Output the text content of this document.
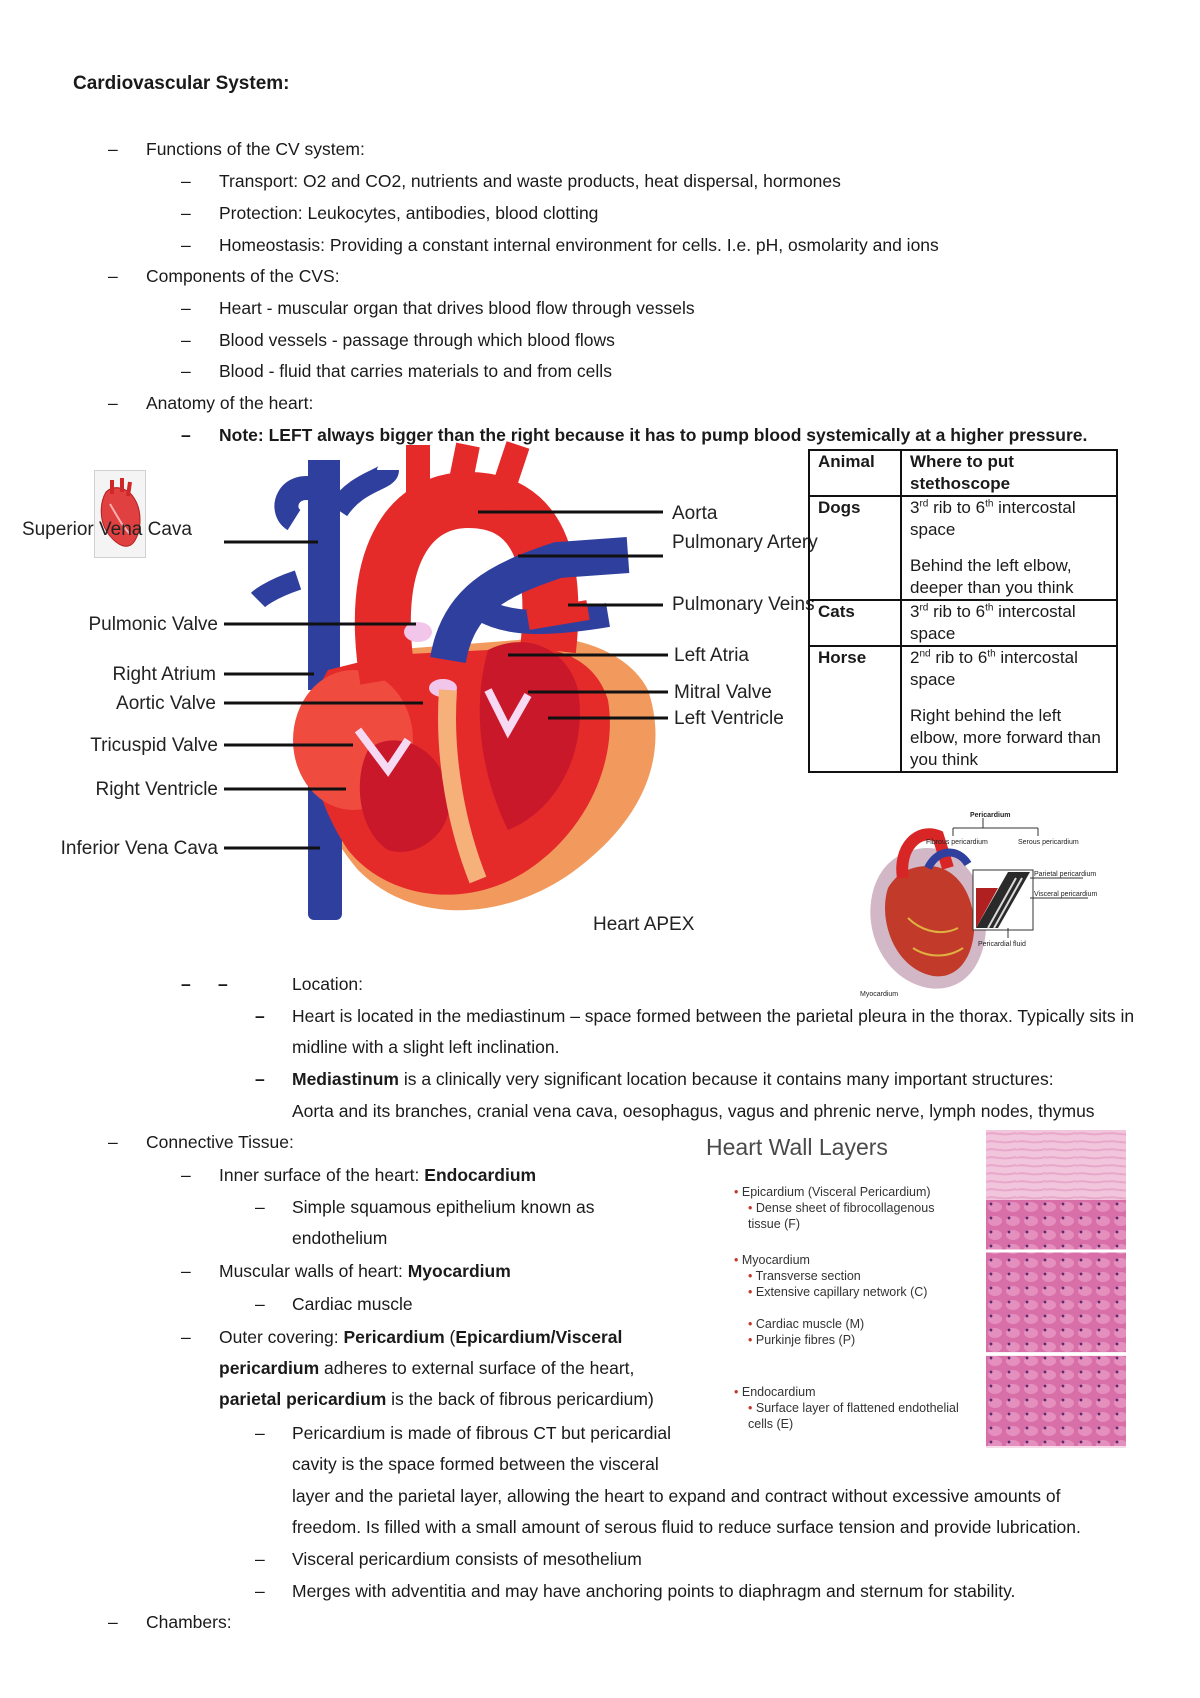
Cardiovascular System:
– Functions of the CV system:
– Transport: O2 and CO2, nutrients and waste products, heat dispersal, hormones
– Protection: Leukocytes, antibodies, blood clotting
– Homeostasis: Providing a constant internal environment for cells. I.e. pH, osmolarity and ions
– Components of the CVS:
– Heart - muscular organ that drives blood flow through vessels
– Blood vessels - passage through which blood flows
– Blood - fluid that carries materials to and from cells
– Anatomy of the heart:
– Note: LEFT always bigger than the right because it has to pump blood systemically at a higher pressure.
Superior Vena Cava
Pulmonic Valve
Right Atrium
Aortic Valve
Tricuspid Valve
Right Ventricle
Inferior Vena Cava
Aorta
Pulmonary Artery
Pulmonary Veins
Left Atria
Mitral Valve
Left Ventricle
Heart APEX
Animal	Where to put stethoscope
Dogs	3rd rib to 6th intercostal space
Behind the left elbow, deeper than you think

Cats	3rd rib to 6th intercostal space
Horse	2nd rib to 6th intercostal space
Right behind the left elbow, more forward than you think
Pericardium
Fibrous pericardium	Serous pericardium
Parietal pericardium
Visceral pericardium
Pericardial fluid
Myocardium
– –	Location:
– Heart is located in the mediastinum – space formed between the parietal pleura in the thorax. Typically sits in midline with a slight left inclination.
– Mediastinum is a clinically very significant location because it contains many important structures:
Aorta and its branches, cranial vena cava, oesophagus, vagus and phrenic nerve, lymph nodes, thymus
– Connective Tissue:
– Inner surface of the heart: Endocardium
– Simple squamous epithelium known as endothelium
– Muscular walls of heart: Myocardium
– Cardiac muscle
– Outer covering: Pericardium (Epicardium/Visceral pericardium adheres to external surface of the heart, parietal pericardium is the back of fibrous pericardium)
– Pericardium is made of fibrous CT but pericardial
cavity is the space formed between the visceral
layer and the parietal layer, allowing the heart to expand and contract without excessive amounts of
freedom. Is filled with a small amount of serous fluid to reduce surface tension and provide lubrication.
– Visceral pericardium consists of mesothelium
– Merges with adventitia and may have anchoring points to diaphragm and sternum for stability.
– Chambers:
Heart Wall Layers
• Epicardium (Visceral Pericardium)
• Dense sheet of fibrocollagenous tissue (F)
• Myocardium
• Transverse section
• Extensive capillary network (C)
• Cardiac muscle (M)
• Purkinje fibres (P)
• Endocardium
• Surface layer of flattened endothelial cells (E)
